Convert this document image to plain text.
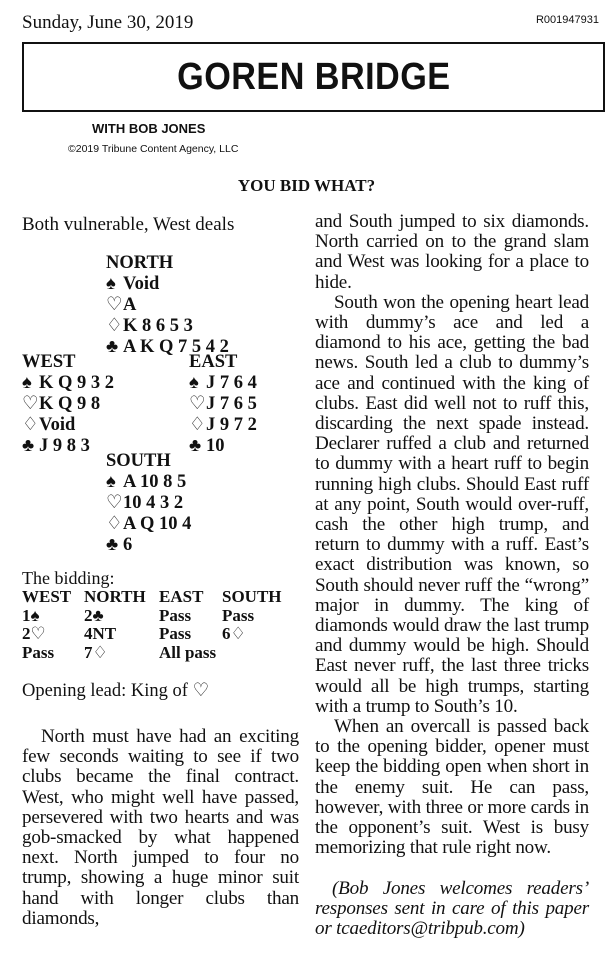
Sunday, June 30, 2019	R001947931
GOREN BRIDGE
WITH BOB JONES
©2019 Tribune Content Agency, LLC
YOU BID WHAT?
Both vulnerable, West deals
NORTH
♠ Void
♡A
♢K 8 6 5 3
♣ A K Q 7 5 4 2
WEST
♠ K Q 9 3 2
♡K Q 9 8
♢Void
♣ J 9 8 3
EAST
♠ J 7 6 4
♡J 7 6 5
♢J 9 7 2
♣ 10
SOUTH
♠ A 10 8 5
♡10 4 3 2
♢A Q 10 4
♣ 6
The bidding:
WEST NORTH EAST SOUTH
1♠	2♣	Pass Pass
2♡ 4NT	Pass 6♢
Pass 7♢	All pass
Opening lead: King of ♡
North must have had an exciting few seconds waiting to see if two clubs became the final contract. West, who might well have passed, persevered with two hearts and was gob-smacked by what happened next. North jumped to four no trump, showing a huge minor suit hand with longer clubs than diamonds,
and South jumped to six diamonds. North carried on to the grand slam and West was looking for a place to hide.
South won the opening heart lead with dummy’s ace and led a diamond to his ace, getting the bad news. South led a club to dummy’s ace and continued with the king of clubs. East did well not to ruff this, discarding the next spade instead. Declarer ruffed a club and returned to dummy with a heart ruff to begin running high clubs. Should East ruff at any point, South would over-ruff, cash the other high trump, and return to dummy with a ruff. East’s exact distribution was known, so South should never ruff the “wrong” major in dummy. The king of diamonds would draw the last trump and dummy would be high. Should East never ruff, the last three tricks would all be high trumps, starting with a trump to South’s 10.
When an overcall is passed back to the opening bidder, opener must keep the bidding open when short in the enemy suit. He can pass, however, with three or more cards in the opponent’s suit. West is busy memorizing that rule right now.
(Bob Jones welcomes readers’ responses sent in care of this paper or tcaeditors@tribpub.com)
